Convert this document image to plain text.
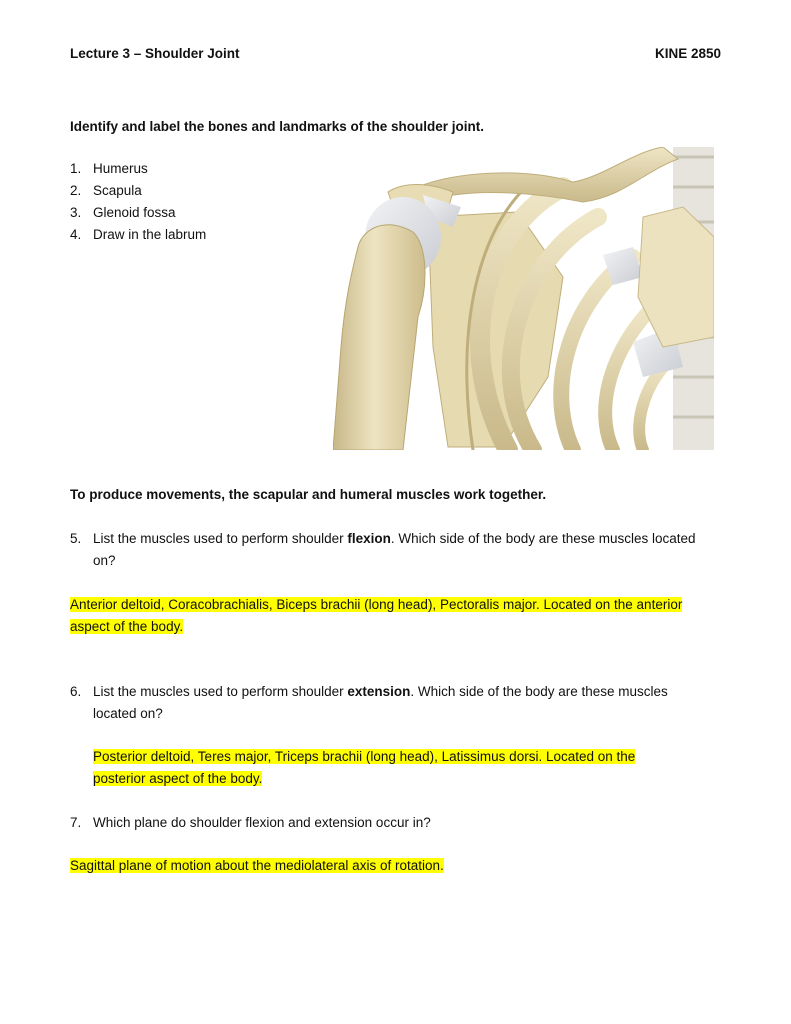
Lecture 3 – Shoulder Joint	KINE 2850
Identify and label the bones and landmarks of the shoulder joint.
1. Humerus
2. Scapula
3. Glenoid fossa
4. Draw in the labrum
To produce movements, the scapular and humeral muscles work together.
5. List the muscles used to perform shoulder flexion. Which side of the body are these muscles located on?
Anterior deltoid, Coracobrachialis, Biceps brachii (long head), Pectoralis major. Located on the anterior
aspect of the body.
6. List the muscles used to perform shoulder extension. Which side of the body are these muscles located on?
Posterior deltoid, Teres major, Triceps brachii (long head), Latissimus dorsi. Located on the
posterior aspect of the body.
7. Which plane do shoulder flexion and extension occur in?
Sagittal plane of motion about the mediolateral axis of rotation.
